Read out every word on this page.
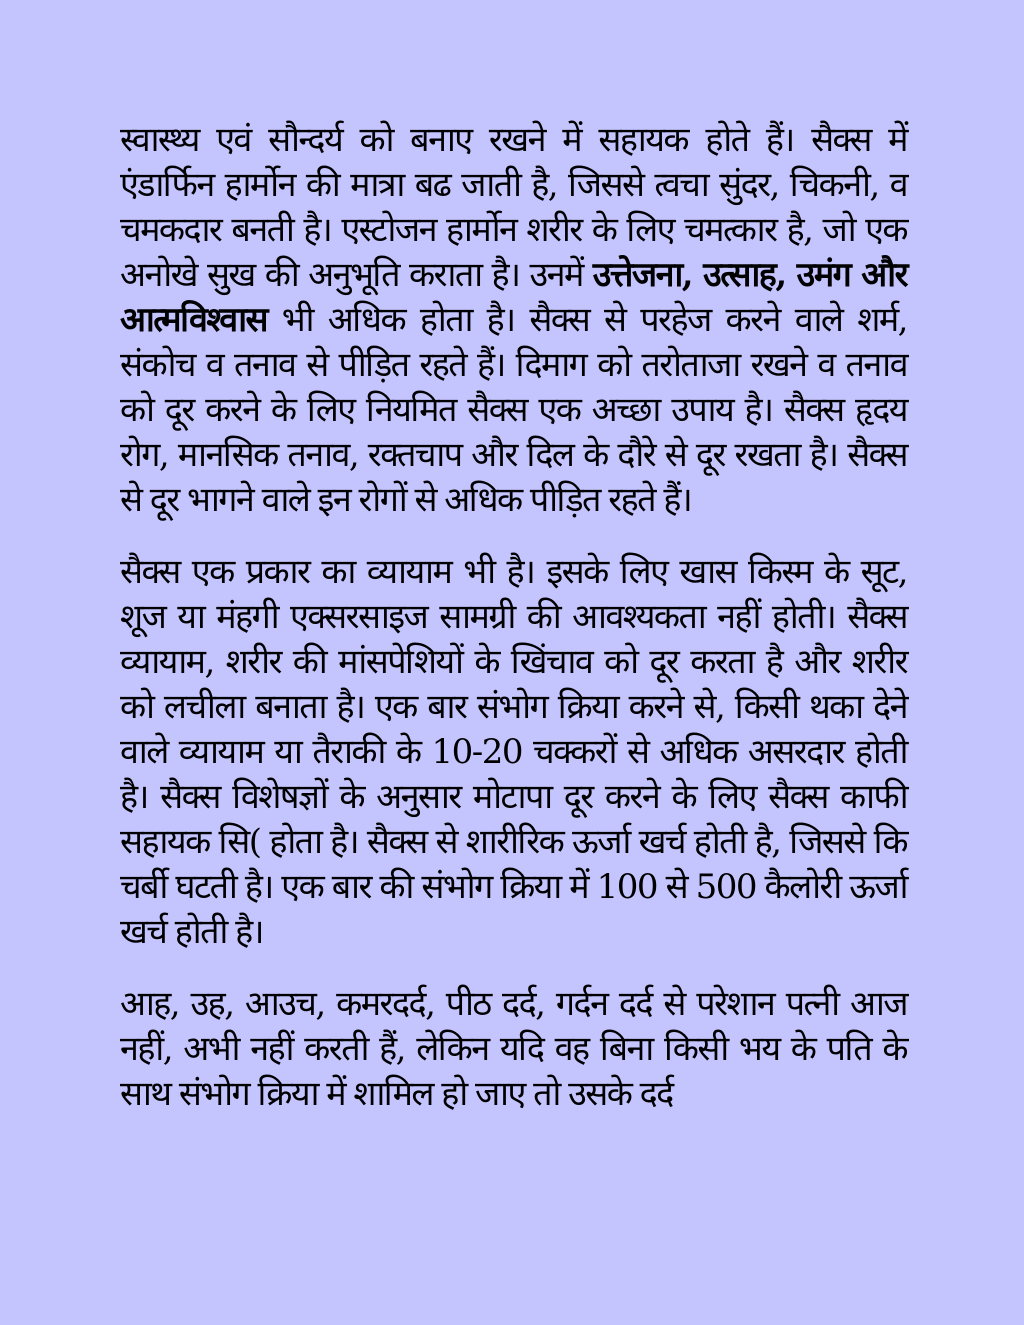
स्वास्थ्य एवं सौन्दर्य को बनाए रखने में सहायक होते हैं। सैक्स में एंडार्फिन हार्मोन की मात्रा बढ जाती है, जिससे त्वचा सुंदर, चिकनी, व चमकदार बनती है। एस्टोजन हार्मोन शरीर के लिए चमत्कार है, जो एक अनोखे सुख की अनुभूति कराता है। उनमें उत्तेजना, उत्साह, उमंग और आत्मविश्वास भी अधिक होता है। सैक्स से परहेज करने वाले शर्म, संकोच व तनाव से पीड़ित रहते हैं। दिमाग को तरोताजा रखने व तनाव को दूर करने के लिए नियमित सैक्स एक अच्छा उपाय है। सैक्स हृदय रोग, मानसिक तनाव, रक्तचाप और दिल के दौरे से दूर रखता है। सैक्स से दूर भागने वाले इन रोगों से अधिक पीड़ित रहते हैं।

सैक्स एक प्रकार का व्यायाम भी है। इसके लिए खास किस्म के सूट, शूज या मंहगी एक्सरसाइज सामग्री की आवश्यकता नहीं होती। सैक्स व्यायाम, शरीर की मांसपेशियों के खिंचाव को दूर करता है और शरीर को लचीला बनाता है। एक बार संभोग क्रिया करने से, किसी थका देने वाले व्यायाम या तैराकी के 10-20 चक्करों से अधिक असरदार होती है। सैक्स विशेषज्ञों के अनुसार मोटापा दूर करने के लिए सैक्स काफी सहायक सि( होता है। सैक्स से शारीरिक ऊर्जा खर्च होती है, जिससे कि चर्बी घटती है। एक बार की संभोग क्रिया में 100 से 500 कैलोरी ऊर्जा खर्च होती है।

आह, उह, आउच, कमरदर्द, पीठ दर्द, गर्दन दर्द से परेशान पत्नी आज नहीं, अभी नहीं करती हैं, लेकिन यदि वह बिना किसी भय के पति के साथ संभोग क्रिया में शामिल हो जाए तो उसके दर्द
